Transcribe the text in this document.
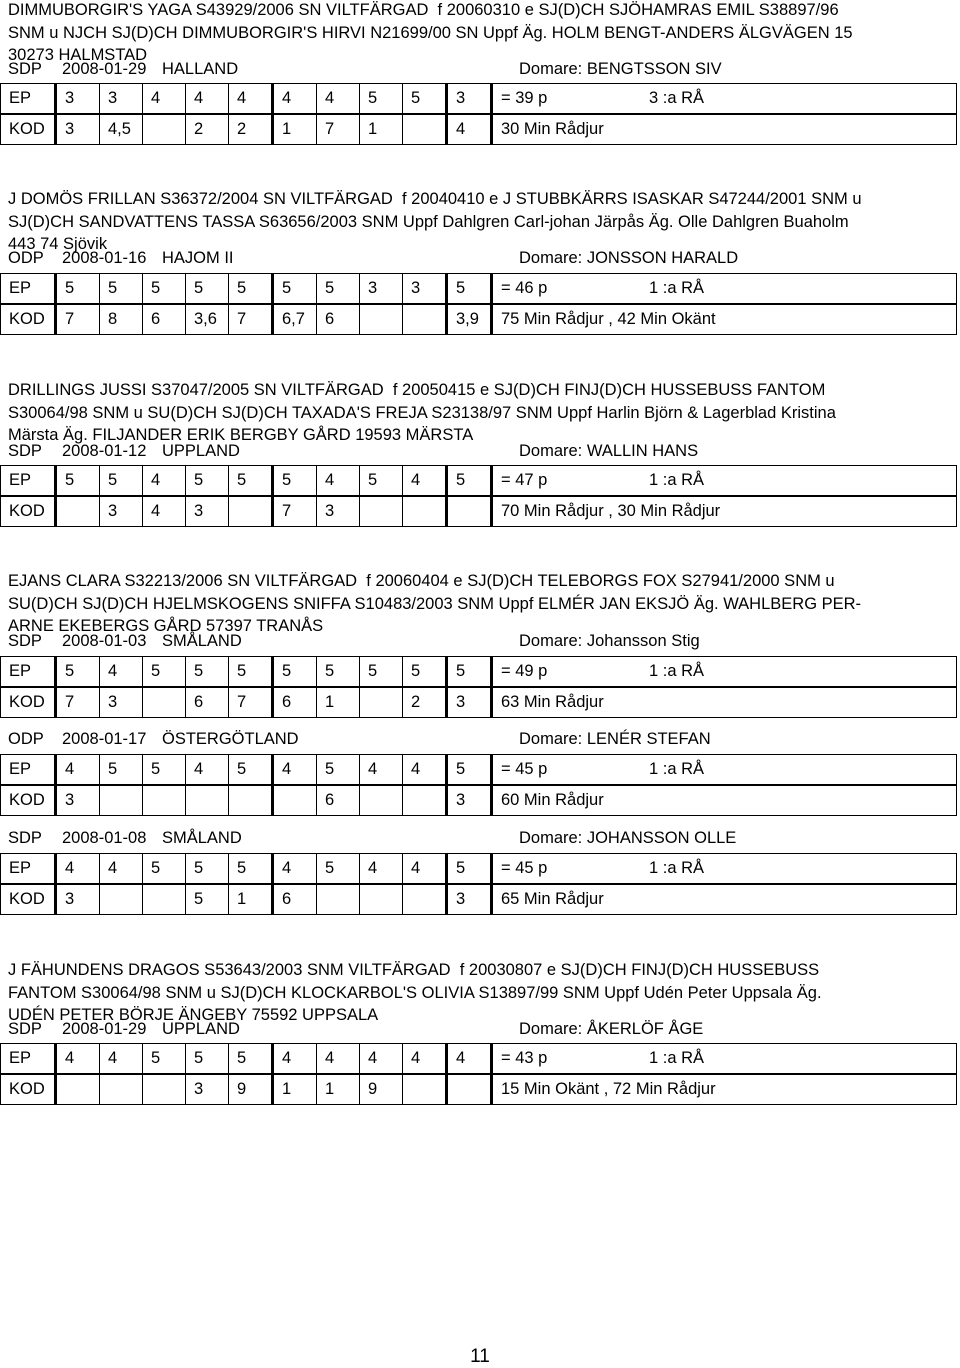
DIMMUBORGIR'S YAGA S43929/2006 SN VILTFÄRGAD  f 20060310 e SJ(D)CH SJÖHAMRAS EMIL S38897/96
SNM u NJCH SJ(D)CH DIMMUBORGIR'S HIRVI N21699/00 SN Uppf Äg. HOLM BENGT-ANDERS ÄLGVÄGEN 15
30273 HALMSTAD
SDP 2008-01-29 HALLAND	Domare: BENGTSSON SIV
EP	3	3	4	4	4	4	4	5	5	3	= 39 p	3 :a RÅ
KOD	3	4,5		2	2	1	7	1		4	30 Min Rådjur	
J DOMÖS FRILLAN S36372/2004 SN VILTFÄRGAD  f 20040410 e J STUBBKÄRRS ISASKAR S47244/2001 SNM u
SJ(D)CH SANDVATTENS TASSA S63656/2003 SNM Uppf Dahlgren Carl-johan Järpås Äg. Olle Dahlgren Buaholm
443 74 Sjövik
ODP 2008-01-16 HAJOM II	Domare: JONSSON HARALD
EP	5	5	5	5	5	5	5	3	3	5	= 46 p	1 :a RÅ
KOD	7	8	6	3,6	7	6,7	6			3,9	75 Min Rådjur , 42 Min Okänt	
DRILLINGS JUSSI S37047/2005 SN VILTFÄRGAD  f 20050415 e SJ(D)CH FINJ(D)CH HUSSEBUSS FANTOM
S30064/98 SNM u SU(D)CH SJ(D)CH TAXADA'S FREJA S23138/97 SNM Uppf Harlin Björn & Lagerblad Kristina
Märsta Äg. FILJANDER ERIK BERGBY GÅRD 19593 MÄRSTA
SDP 2008-01-12 UPPLAND	Domare: WALLIN HANS
EP	5	5	4	5	5	5	4	5	4	5	= 47 p	1 :a RÅ
KOD		3	4	3		7	3				70 Min Rådjur , 30 Min Rådjur	
EJANS CLARA S32213/2006 SN VILTFÄRGAD  f 20060404 e SJ(D)CH TELEBORGS FOX S27941/2000 SNM u
SU(D)CH SJ(D)CH HJELMSKOGENS SNIFFA S10483/2003 SNM Uppf ELMÉR JAN EKSJÖ Äg. WAHLBERG PER-
ARNE EKEBERGS GÅRD 57397 TRANÅS
SDP 2008-01-03 SMÅLAND	Domare: Johansson Stig
EP	5	4	5	5	5	5	5	5	5	5	= 49 p	1 :a RÅ
KOD	7	3		6	7	6	1		2	3	63 Min Rådjur	
ODP 2008-01-17 ÖSTERGÖTLAND	Domare: LENÉR STEFAN
EP	4	5	5	4	5	4	5	4	4	5	= 45 p	1 :a RÅ
KOD	3						6			3	60 Min Rådjur	
SDP 2008-01-08 SMÅLAND	Domare: JOHANSSON OLLE
EP	4	4	5	5	5	4	5	4	4	5	= 45 p	1 :a RÅ
KOD	3			5	1	6				3	65 Min Rådjur	
J FÄHUNDENS DRAGOS S53643/2003 SNM VILTFÄRGAD  f 20030807 e SJ(D)CH FINJ(D)CH HUSSEBUSS
FANTOM S30064/98 SNM u SJ(D)CH KLOCKARBOL'S OLIVIA S13897/99 SNM Uppf Udén Peter Uppsala Äg.
UDÉN PETER BÖRJE ÄNGEBY 75592 UPPSALA
SDP 2008-01-29 UPPLAND	Domare: ÅKERLÖF ÅGE
EP	4	4	5	5	5	4	4	4	4	4	= 43 p	1 :a RÅ
KOD				3	9	1	1	9			15 Min Okänt , 72 Min Rådjur	
11
